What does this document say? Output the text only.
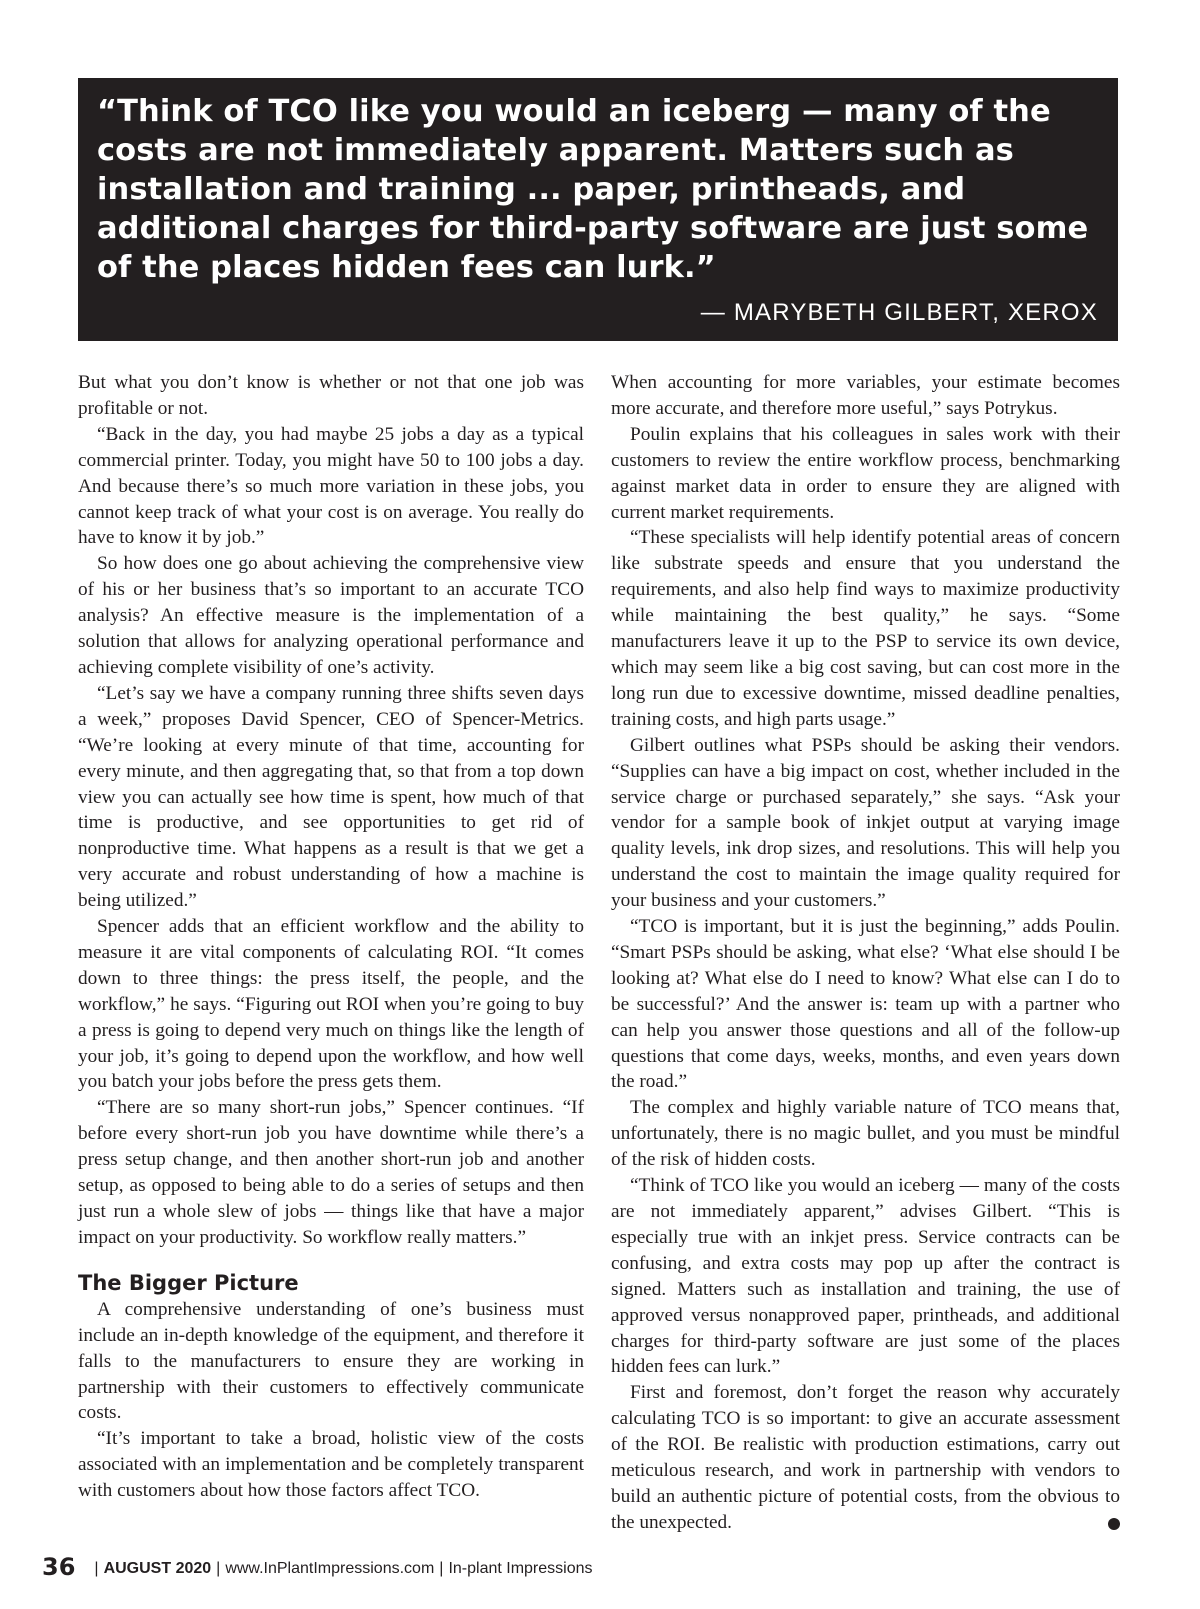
“Think of TCO like you would an iceberg — many of the costs are not immediately apparent. Matters such as installation and training ... paper, printheads, and additional charges for third-party software are just some of the places hidden fees can lurk.”

— MARYBETH GILBERT, XEROX

But what you don’t know is whether or not that one job was profitable or not.

“Back in the day, you had maybe 25 jobs a day as a typical commercial printer. Today, you might have 50 to 100 jobs a day. And because there’s so much more variation in these jobs, you cannot keep track of what your cost is on average. You really do have to know it by job.”

So how does one go about achieving the comprehensive view of his or her business that’s so important to an accurate TCO analysis? An effective measure is the implementation of a solution that allows for analyzing operational performance and achieving complete visibility of one’s activity.

“Let’s say we have a company running three shifts seven days a week,” proposes David Spencer, CEO of Spencer-Metrics. “We’re looking at every minute of that time, accounting for every minute, and then aggregating that, so that from a top down view you can actually see how time is spent, how much of that time is productive, and see opportunities to get rid of nonproductive time. What happens as a result is that we get a very accurate and robust understanding of how a machine is being utilized.”

Spencer adds that an efficient workflow and the ability to measure it are vital components of calculating ROI. “It comes down to three things: the press itself, the people, and the workflow,” he says. “Figuring out ROI when you’re going to buy a press is going to depend very much on things like the length of your job, it’s going to depend upon the workflow, and how well you batch your jobs before the press gets them.

“There are so many short-run jobs,” Spencer continues. “If before every short-run job you have downtime while there’s a press setup change, and then another short-run job and another setup, as opposed to being able to do a series of setups and then just run a whole slew of jobs — things like that have a major impact on your productivity. So workflow really matters.”

The Bigger Picture

A comprehensive understanding of one’s business must include an in-depth knowledge of the equipment, and therefore it falls to the manufacturers to ensure they are working in partnership with their customers to effectively communicate costs.

“It’s important to take a broad, holistic view of the costs associated with an implementation and be completely transparent with customers about how those factors affect TCO.

When accounting for more variables, your estimate becomes more accurate, and therefore more useful,” says Potrykus.

Poulin explains that his colleagues in sales work with their customers to review the entire workflow process, benchmarking against market data in order to ensure they are aligned with current market requirements.

“These specialists will help identify potential areas of concern like substrate speeds and ensure that you understand the requirements, and also help find ways to maximize productivity while maintaining the best quality,” he says. “Some manufacturers leave it up to the PSP to service its own device, which may seem like a big cost saving, but can cost more in the long run due to excessive downtime, missed deadline penalties, training costs, and high parts usage.”

Gilbert outlines what PSPs should be asking their vendors. “Supplies can have a big impact on cost, whether included in the service charge or purchased separately,” she says. “Ask your vendor for a sample book of inkjet output at varying image quality levels, ink drop sizes, and resolutions. This will help you understand the cost to maintain the image quality required for your business and your customers.”

“TCO is important, but it is just the beginning,” adds Poulin. “Smart PSPs should be asking, what else? ‘What else should I be looking at? What else do I need to know? What else can I do to be successful?’ And the answer is: team up with a partner who can help you answer those questions and all of the follow-up questions that come days, weeks, months, and even years down the road.”

The complex and highly variable nature of TCO means that, unfortunately, there is no magic bullet, and you must be mindful of the risk of hidden costs.

“Think of TCO like you would an iceberg — many of the costs are not immediately apparent,” advises Gilbert. “This is especially true with an inkjet press. Service contracts can be confusing, and extra costs may pop up after the contract is signed. Matters such as installation and training, the use of approved versus nonapproved paper, printheads, and additional charges for third-party software are just some of the places hidden fees can lurk.”

First and foremost, don’t forget the reason why accurately calculating TCO is so important: to give an accurate assessment of the ROI. Be realistic with production estimations, carry out meticulous research, and work in partnership with vendors to build an authentic picture of potential costs, from the obvious to the unexpected.

36 | AUGUST 2020 | www.InPlantImpressions.com | In-plant Impressions
